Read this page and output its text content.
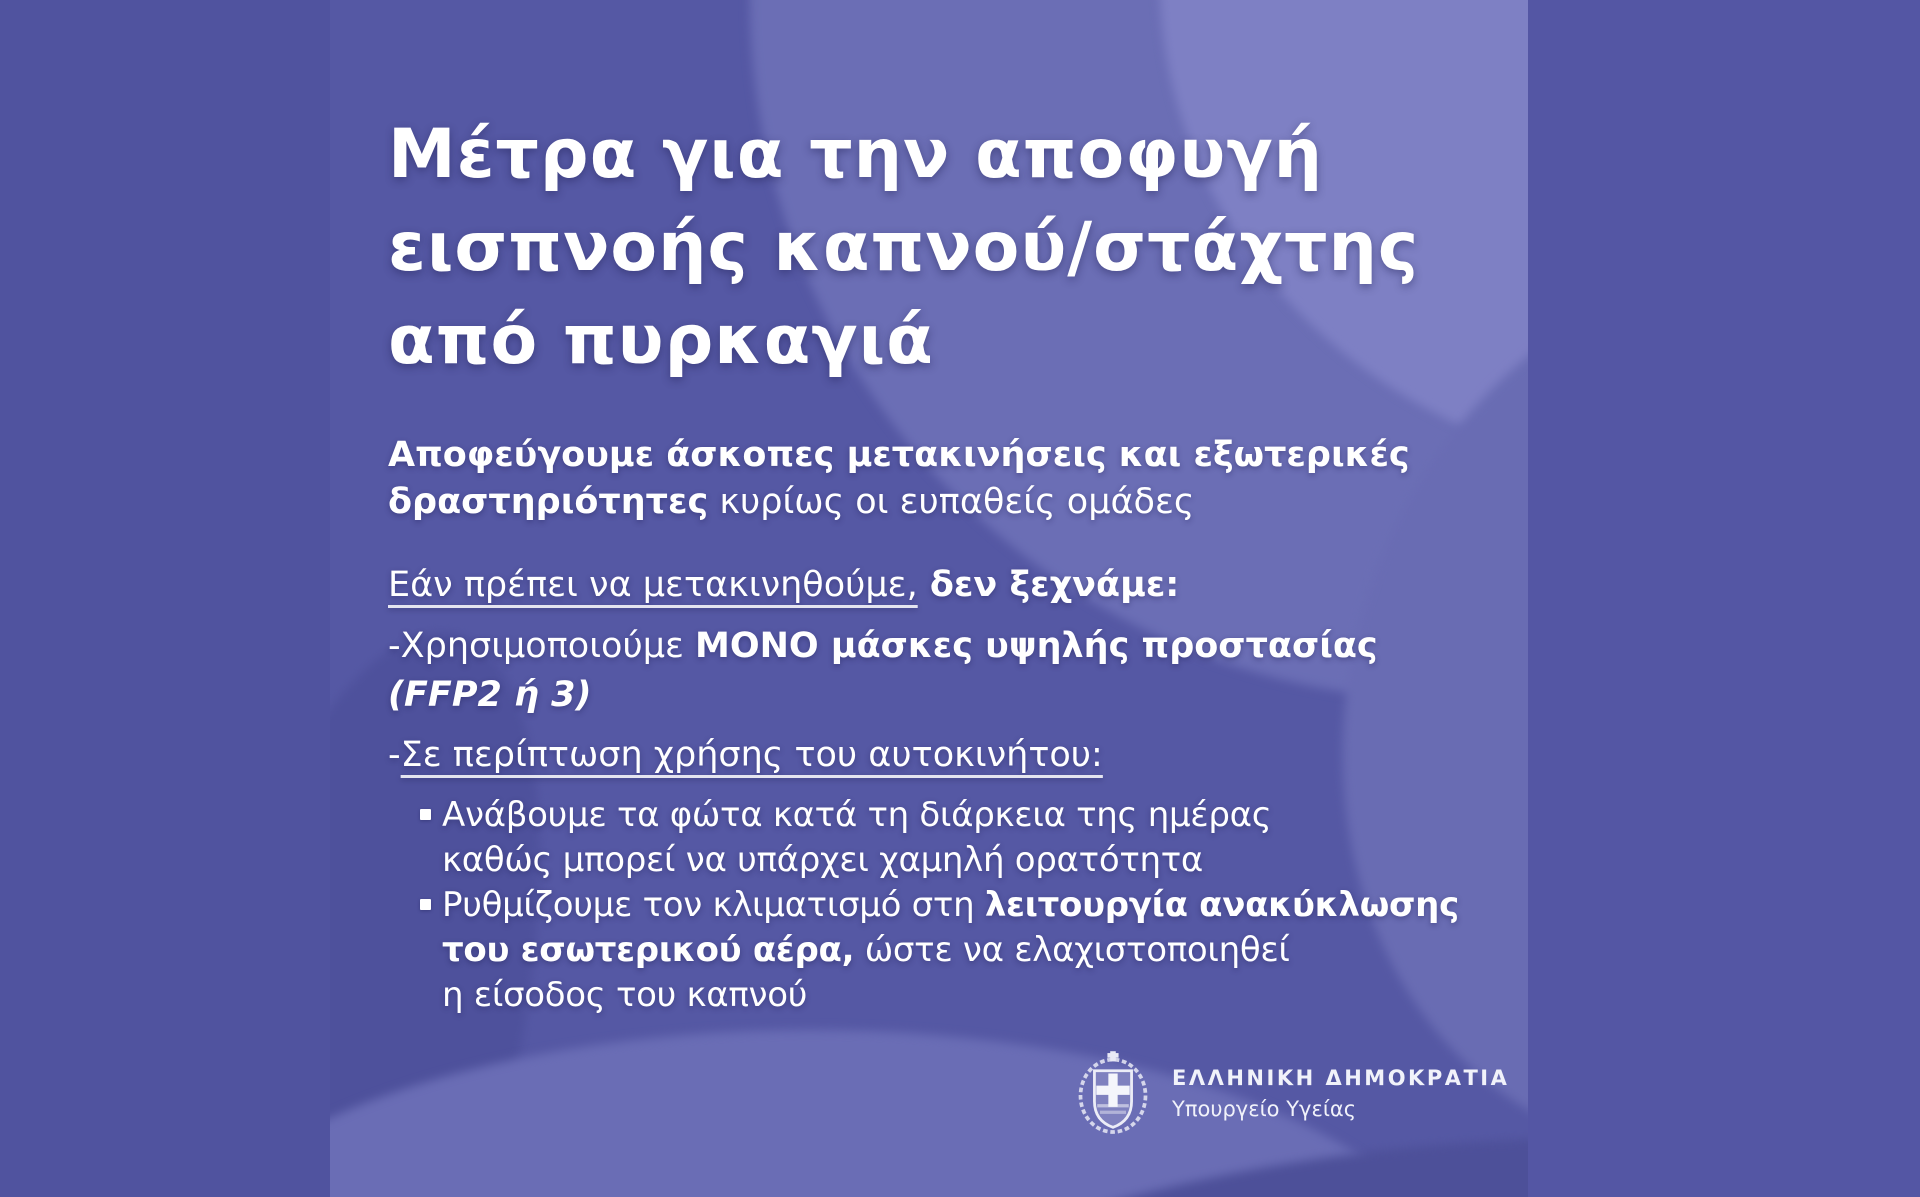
Μέτρα για την αποφυγή
εισπνοής καπνού/στάχτης
από πυρκαγιά
Αποφεύγουμε άσκοπες μετακινήσεις και εξωτερικές
δραστηριότητες κυρίως οι ευπαθείς ομάδες
Εάν πρέπει να μετακινηθούμε, δεν ξεχνάμε:
-Χρησιμοποιούμε ΜΟΝΟ μάσκες υψηλής προστασίας
(FFP2 ή 3)
-Σε περίπτωση χρήσης του αυτοκινήτου:
Ανάβουμε τα φώτα κατά τη διάρκεια της ημέρας
καθώς μπορεί να υπάρχει χαμηλή ορατότητα
Ρυθμίζουμε τον κλιματισμό στη λειτουργία ανακύκλωσης
του εσωτερικού αέρα, ώστε να ελαχιστοποιηθεί
η είσοδος του καπνού
ΕΛΛΗΝΙΚΗ ΔΗΜΟΚΡΑΤΙΑ
Υπουργείο Υγείας
